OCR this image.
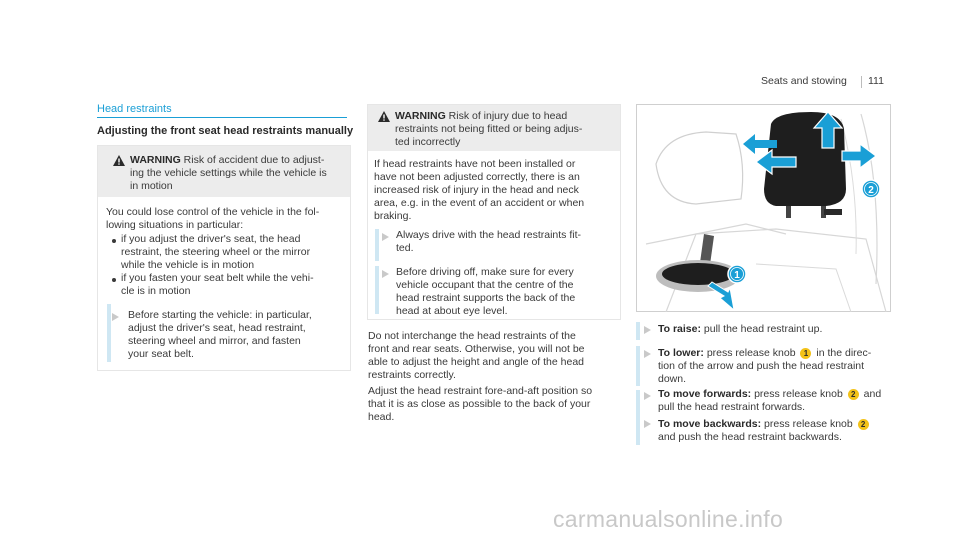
Seats and stowing 111
Head restraints
Adjusting the front seat head restraints manually
WARNING Risk of accident due to adjust-
ing the vehicle settings while the vehicle is
in motion
You could lose control of the vehicle in the fol-
lowing situations in particular:
if you adjust the driver's seat, the head
restraint, the steering wheel or the mirror
while the vehicle is in motion
if you fasten your seat belt while the vehi-
cle is in motion
Before starting the vehicle: in particular,
adjust the driver's seat, head restraint,
steering wheel and mirror, and fasten
your seat belt.
WARNING Risk of injury due to head
restraints not being fitted or being adjus-
ted incorrectly
If head restraints have not been installed or
have not been adjusted correctly, there is an
increased risk of injury in the head and neck
area, e.g. in the event of an accident or when
braking.
Always drive with the head restraints fit-
ted.
Before driving off, make sure for every
vehicle occupant that the centre of the
head restraint supports the back of the
head at about eye level.
Do not interchange the head restraints of the
front and rear seats. Otherwise, you will not be
able to adjust the height and angle of the head
restraints correctly.
Adjust the head restraint fore-and-aft position so
that it is as close as possible to the back of your
head.
2
1
To raise: pull the head restraint up.
To lower: press release knob 1 in the direc-
tion of the arrow and push the head restraint
down.
To move forwards: press release knob 2 and
pull the head restraint forwards.
To move backwards: press release knob 2
and push the head restraint backwards.
carmanualsonline.info
